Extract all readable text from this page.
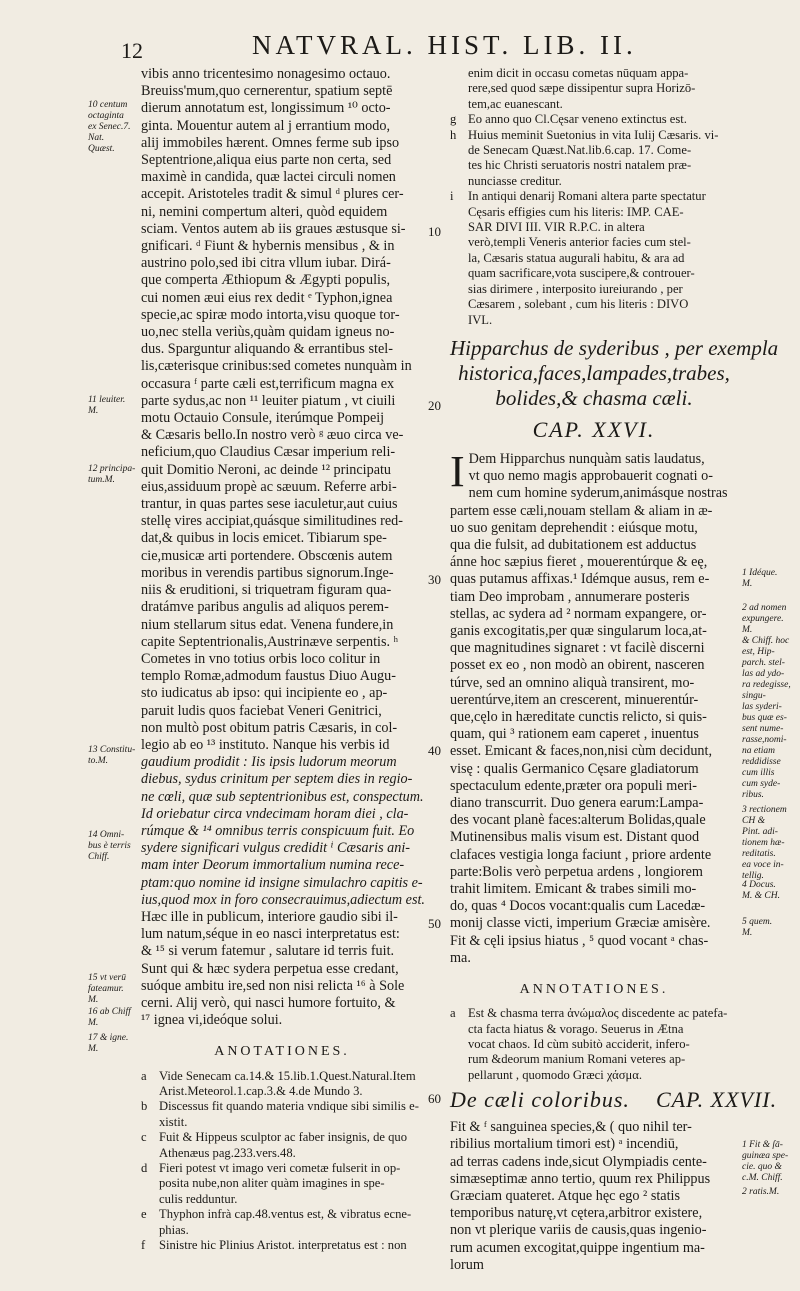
12	NATVRAL. HIST. LIB. II.
vibis anno tricentesimo nonagesimo octauo.
Breuiss'mum,quo cernerentur, spatium septē
dierum annotatum est, longissimum ¹⁰ octo-
ginta. Mouentur autem al j errantium modo,
alij immobiles hærent. Omnes ferme sub ipso
Septentrione,aliqua eius parte non certa, sed
maximè in candida, quæ lactei circuli nomen
accepit. Aristoteles tradit & simul ᵈ plures cer-
ni, nemini compertum alteri, quòd equidem
sciam. Ventos autem ab iis graues æstusque si-
gnificari. ᵈ Fiunt & hybernis mensibus , & in
austrino polo,sed ibi citra vllum iubar. Dirá-
que comperta Æthiopum & Ægypti populis,
cui nomen æui eius rex dedit ᵉ Typhon,ignea
specie,ac spiræ modo intorta,visu quoque tor-
uo,nec stella veriùs,quàm quidam igneus no-
dus. Sparguntur aliquando & errantibus stel-
lis,cæterisque crinibus:sed cometes nunquàm in
occasura ᶠ parte cæli est,terrificum magna ex
parte sydus,ac non ¹¹ leuiter piatum , vt ciuili
motu Octauio Consule, iterúmque Pompeij
& Cæsaris bello.In nostro verò ᵍ æuo circa ve-
neficium,quo Claudius Cæsar imperium reli-
quit Domitio Neroni, ac deinde ¹² principatu
eius,assiduum propè ac sæuum. Referre arbi-
trantur, in quas partes sese iaculetur,aut cuius
stellę vires accipiat,quásque similitudines red-
dat,& quibus in locis emicet. Tibiarum spe-
cie,musicæ arti portendere. Obscœnis autem
moribus in verendis partibus signorum.Inge-
niis & eruditioni, si triquetram figuram qua-
dratámve paribus angulis ad aliquos perem-
nium stellarum situs edat. Venena fundere,in
capite Septentrionalis,Austrinæve serpentis. ʰ
Cometes in vno totius orbis loco colitur in
templo Romæ,admodum faustus Diuo Augu-
sto iudicatus ab ipso: qui incipiente eo , ap-
paruit ludis quos faciebat Veneri Genitrici,
non multò post obitum patris Cæsaris, in col-
legio ab eo ¹³ instituto. Nanque his verbis id
gaudium prodidit : Iis ipsis ludorum meorum
diebus, sydus crinitum per septem dies in regio-
ne cœli, quæ sub septentrionibus est, conspectum.
Id oriebatur circa vndecimam horam diei , cla-
rúmque & ¹⁴ omnibus terris conspicuum fuit. Eo
sydere significari vulgus credidit ⁱ Cæsaris ani-
mam inter Deorum immortalium numina rece-
ptam:quo nomine id insigne simulachro capitis e-
ius,quod mox in foro consecrauimus,adiectum est.
Hæc ille in publicum, interiore gaudio sibi il-
lum natum,séque in eo nasci interpretatus est:
& ¹⁵ si verum fatemur , salutare id terris fuit.
Sunt qui & hæc sydera perpetua esse credant,
suóque ambitu ire,sed non nisi relicta ¹⁶ à Sole
cerni. Alij verò, qui nasci humore fortuito, &
¹⁷ ignea vi,ideóque solui.
ANOTATIONES.
a Vide Senecam ca.14.& 15.lib.1.Quest.Natural.Item
Arist.Meteorol.1.cap.3.& 4.de Mundo 3.
b Discessus fit quando materia vndique sibi similis e-
xistit.
c Fuit & Hippeus sculptor ac faber insignis, de quo
Athenæus pag.233.vers.48.
d Fieri potest vt imago veri cometæ fulserit in op-
posita nube,non aliter quàm imagines in spe-
culis redduntur.
e Thyphon infrà cap.48.ventus est, & vibratus ecne-
phias.
f Sinistre hic Plinius Aristot. interpretatus est : non
enim dicit in occasu cometas nūquam appa-
rere,sed quod sæpe dissipentur supra Horizō-
tem,ac euanescant.
g Eo anno quo Cl.Cęsar veneno extinctus est.
h Huius meminit Suetonius in vita Iulij Cæsaris. vi-
de Senecam Quæst.Nat.lib.6.cap. 17. Come-
tes hic Christi seruatoris nostri natalem præ-
nunciasse creditur.
i In antiqui denarij Romani altera parte spectatur
Cęsaris effigies cum his literis: IMP. CAE-
SAR DIVI III. VIR R.P.C. in altera
verò,templi Veneris anterior facies cum stel-
la, Cæsaris statua augurali habitu, & ara ad
quam sacrificare,vota suscipere,& controuer-
sias dirimere , interposito iureiurando , per
Cæsarem , solebant , cum his literis : DIVO
IVL.
Hipparchus de syderibus , per exempla
historica,faces,lampades,trabes,
bolides,& chasma cæli.
CAP. XXVI.
I Dem Hipparchus nunquàm satis laudatus,
vt quo nemo magis approbauerit cognati o-
nem cum homine syderum,animásque nostras
partem esse cæli,nouam stellam & aliam in æ-
uo suo genitam deprehendit : eiúsque motu,
qua die fulsit, ad dubitationem est adductus
ánne hoc sæpius fieret , mouerentúrque & eę,
quas putamus affixas.¹ Idémque ausus, rem e-
tiam Deo improbam , annumerare posteris
stellas, ac sydera ad ² normam expangere, or-
ganis excogitatis,per quæ singularum loca,at-
que magnitudines signaret : vt facilè discerni
posset ex eo , non modò an obirent, nasceren
túrve, sed an omnino aliquà transirent, mo-
uerentúrve,item an crescerent, minuerentúr-
que,cęlo in hæreditate cunctis relicto, si quis-
quam, qui ³ rationem eam caperet , inuentus
esset. Emicant & faces,non,nisi cùm decidunt,
visę : qualis Germanico Cęsare gladiatorum
spectaculum edente,præter ora populi meri-
diano transcurrit. Duo genera earum:Lampa-
des vocant planè faces:alterum Bolidas,quale
Mutinensibus malis visum est. Distant quod
clafaces vestigia longa faciunt , priore ardente
parte:Bolis verò perpetua ardens , longiorem
trahit limitem. Emicant & trabes simili mo-
do, quas ⁴ Docos vocant:qualis cum Lacedæ-
monij classe victi, imperium Græciæ amisère.
Fit & cęli ipsius hiatus , ⁵ quod vocant ᵃ chas-
ma.
ANNOTATIONES.
a Est & chasma terra ἀνώμαλος discedente ac patefa-
cta facta hiatus & vorago. Seuerus in Ætna
vocat chaos. Id cùm subitò acciderit, infero-
rum &deorum manium Romani veteres ap-
pellarunt , quomodo Græci χάσμα.
De cæli coloribus. CAP. XXVII.
Fit & ᶠ sanguinea species,& ( quo nihil ter-
ribilius mortalium timori est) ᵃ incendiū,
ad terras cadens inde,sicut Olympiadis cente-
simæseptimæ anno tertio, quum rex Philippus
Græciam quateret. Atque hęc ego ² statis
temporibus naturę,vt cętera,arbitror existere,
non vt plerique variis de causis,quas ingenio-
rum acumen excogitat,quippe ingentium ma-
lorum
10 centum
octaginta
ex Senec.7.
Nat.
Quæst.
11 leuiter.
M.
12 principa-
tum.M.
13 Constitu-
to.M.
14 Omni-
bus è terris
Chiff.
15 vt verū
fateamur.
M.
16 ab Chiff
M.
17 & igne.
M.
1 Idéque.
M.
2 ad nomen
expungere.
M.
& Chiff. hoc
est, Hip-
parch. stel-
las ad ydo-
ra redegisse,
singu-
las syderi-
bus quæ es-
sent nume-
rasse,nomi-
na etiam
reddidisse
cum illis
cum syde-
ribus.
3 rectionem
CH &
Pint. adi-
tionem hæ-
reditatis.
ea voce in-
tellig.
4 Docus.
M. & CH.
5 quem.
M.
1 Fit & ſā-
guinæa spe-
cie. quo &
c.M. Chiff.
2 ratis.M.
10
20
30
40
50
60
